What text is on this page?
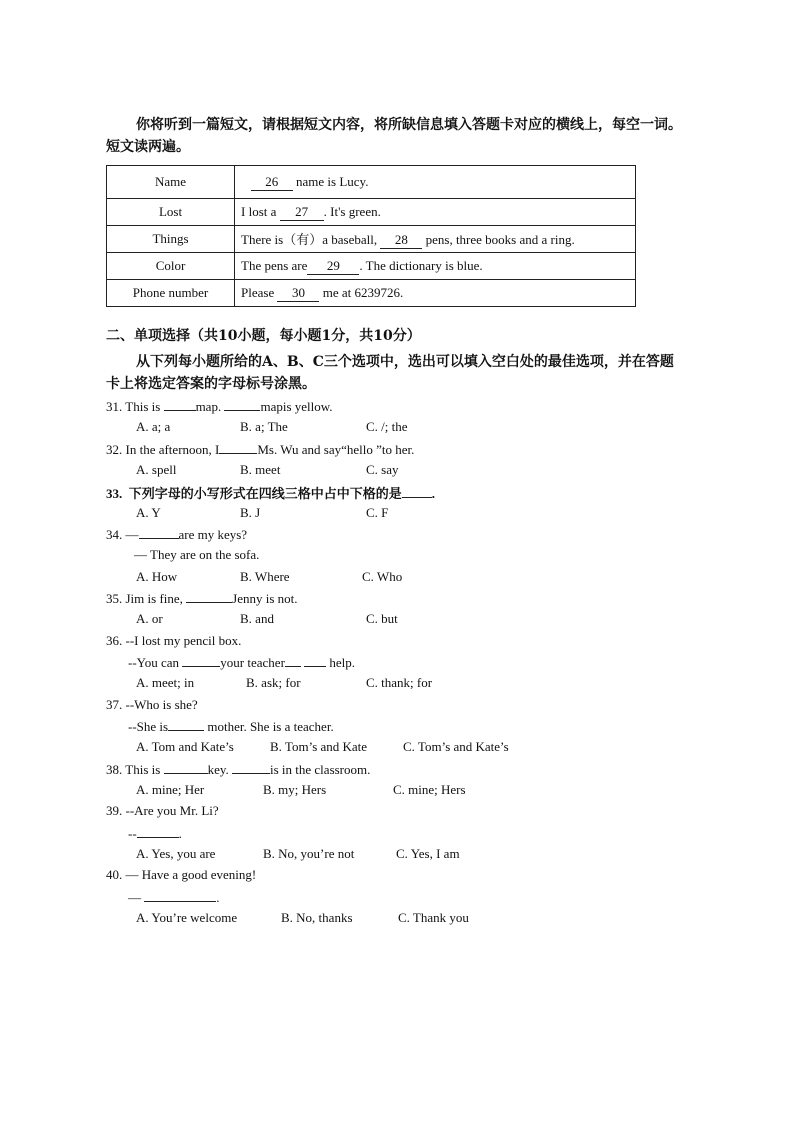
你将听到一篇短文，请根据短文内容，将所缺信息填入答题卡对应的横线上，每空一词。
短文读两遍。
Name	26 name is Lucy.
Lost	I lost a 27 . It's green.
Things	There is（有）a baseball, 28 pens, three books and a ring.
Color	The pens are 29 . The dictionary is blue.
Phone number	Please 30 me at 6239726.
二、单项选择（共10小题，每小题1分，共10分）
从下列每小题所给的A、B、C三个选项中，选出可以填入空白处的最佳选项，并在答题
卡上将选定答案的字母标号涂黑。
31. This is map.	mapis yellow.
A. a; a	B. a; The	C. /; the
32. In the afternoon, I	Ms. Wu and say“hello ”to her.
A. spell	B. meet	C. say
33. 下列字母的小写形式在四线三格中占中下格的是 .
A. Y	B. J	C. F
34. —	are my keys?
— They are on the sofa.
A. How	B. Where	C. Who
35. Jim is fine,	Jenny is not.
A. or	B. and	C. but
36. --I lost my pencil box.
--You can	your teacher	help.
A. meet; in	B. ask; for	C. thank; for
37. --Who is she?
--She is	mother. She is a teacher.
A. Tom and Kate’s	B. Tom’s and Kate	C. Tom’s and Kate’s
38. This is	key.	is in the classroom.
A. mine; Her	B. my; Hers	C. mine; Hers
39. --Are you Mr. Li?
--	.
A. Yes, you are	B. No, you’re not	C. Yes, I am
40. — Have a good evening!
—	.
A. You’re welcome	B. No, thanks	C. Thank you
